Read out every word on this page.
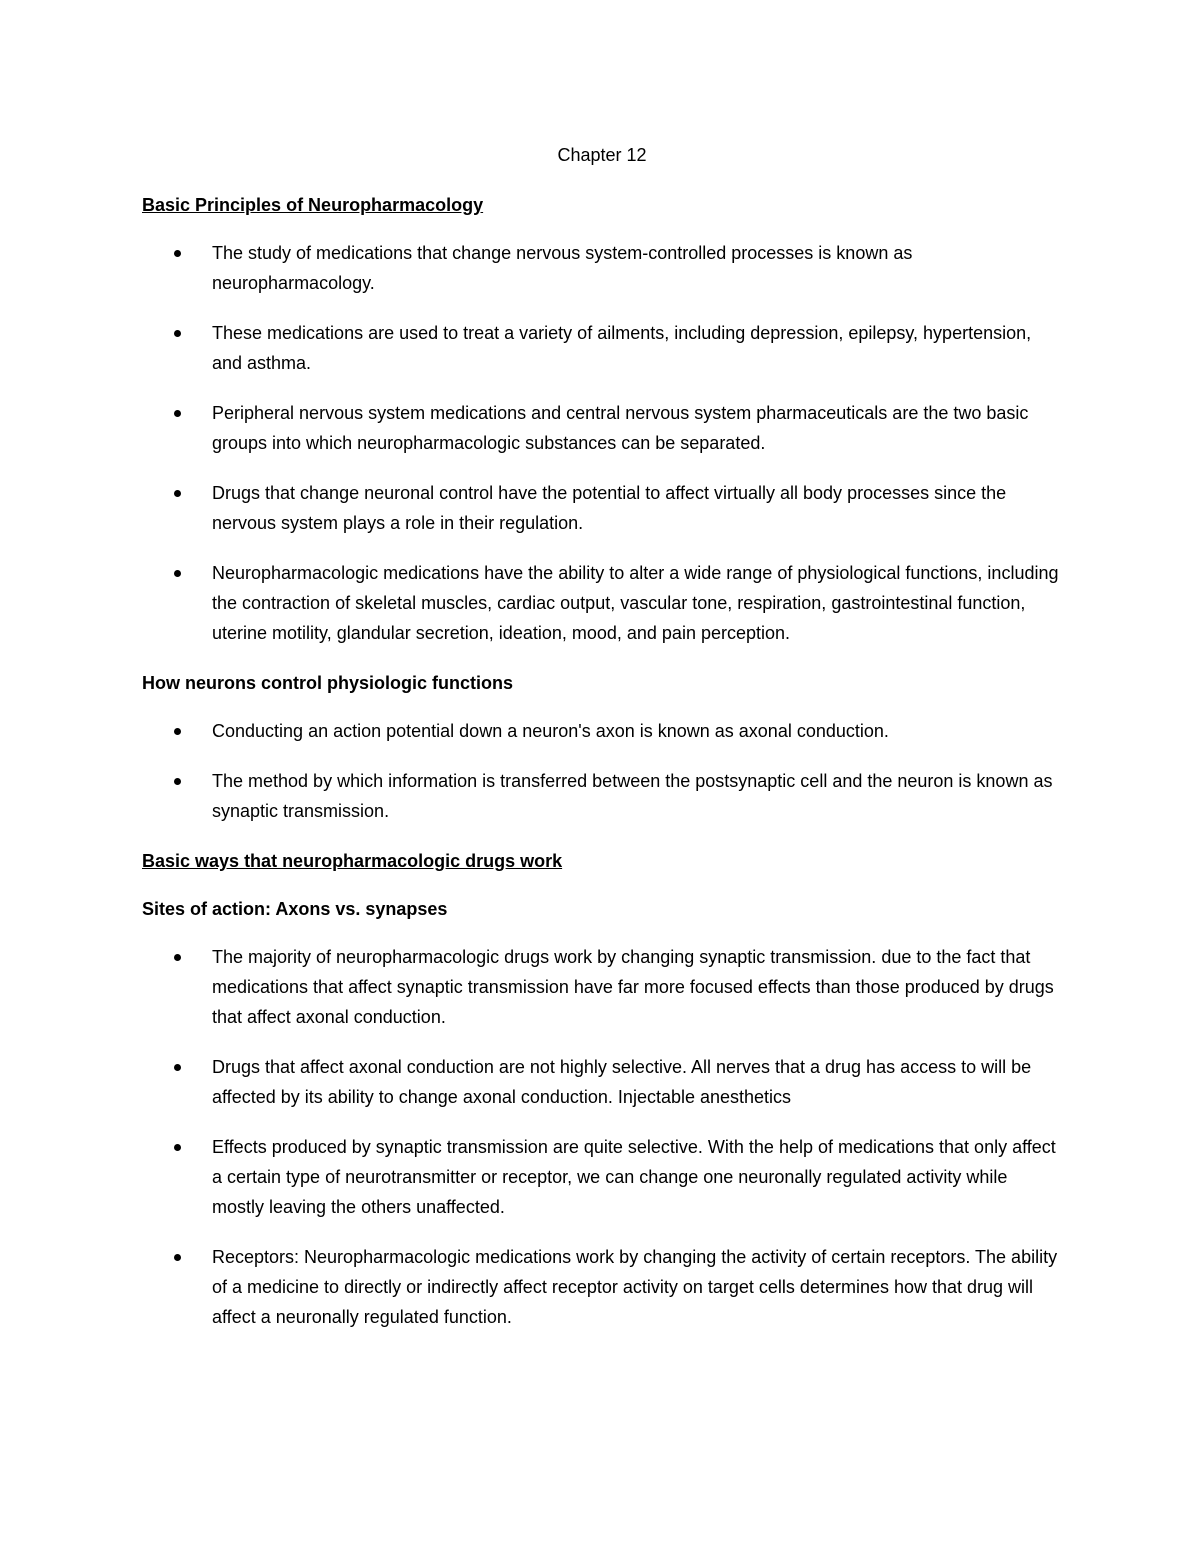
Chapter 12
Basic Principles of Neuropharmacology
The study of medications that change nervous system-controlled processes is known as neuropharmacology.
These medications are used to treat a variety of ailments, including depression, epilepsy, hypertension, and asthma.
Peripheral nervous system medications and central nervous system pharmaceuticals are the two basic groups into which neuropharmacologic substances can be separated.
Drugs that change neuronal control have the potential to affect virtually all body processes since the nervous system plays a role in their regulation.
Neuropharmacologic medications have the ability to alter a wide range of physiological functions, including the contraction of skeletal muscles, cardiac output, vascular tone, respiration, gastrointestinal function, uterine motility, glandular secretion, ideation, mood, and pain perception.
How neurons control physiologic functions
Conducting an action potential down a neuron's axon is known as axonal conduction.
The method by which information is transferred between the postsynaptic cell and the neuron is known as synaptic transmission.
Basic ways that neuropharmacologic drugs work
Sites of action: Axons vs. synapses
The majority of neuropharmacologic drugs work by changing synaptic transmission. due to the fact that medications that affect synaptic transmission have far more focused effects than those produced by drugs that affect axonal conduction.
Drugs that affect axonal conduction are not highly selective. All nerves that a drug has access to will be affected by its ability to change axonal conduction. Injectable anesthetics
Effects produced by synaptic transmission are quite selective. With the help of medications that only affect a certain type of neurotransmitter or receptor, we can change one neuronally regulated activity while mostly leaving the others unaffected.
Receptors: Neuropharmacologic medications work by changing the activity of certain receptors. The ability of a medicine to directly or indirectly affect receptor activity on target cells determines how that drug will affect a neuronally regulated function.
